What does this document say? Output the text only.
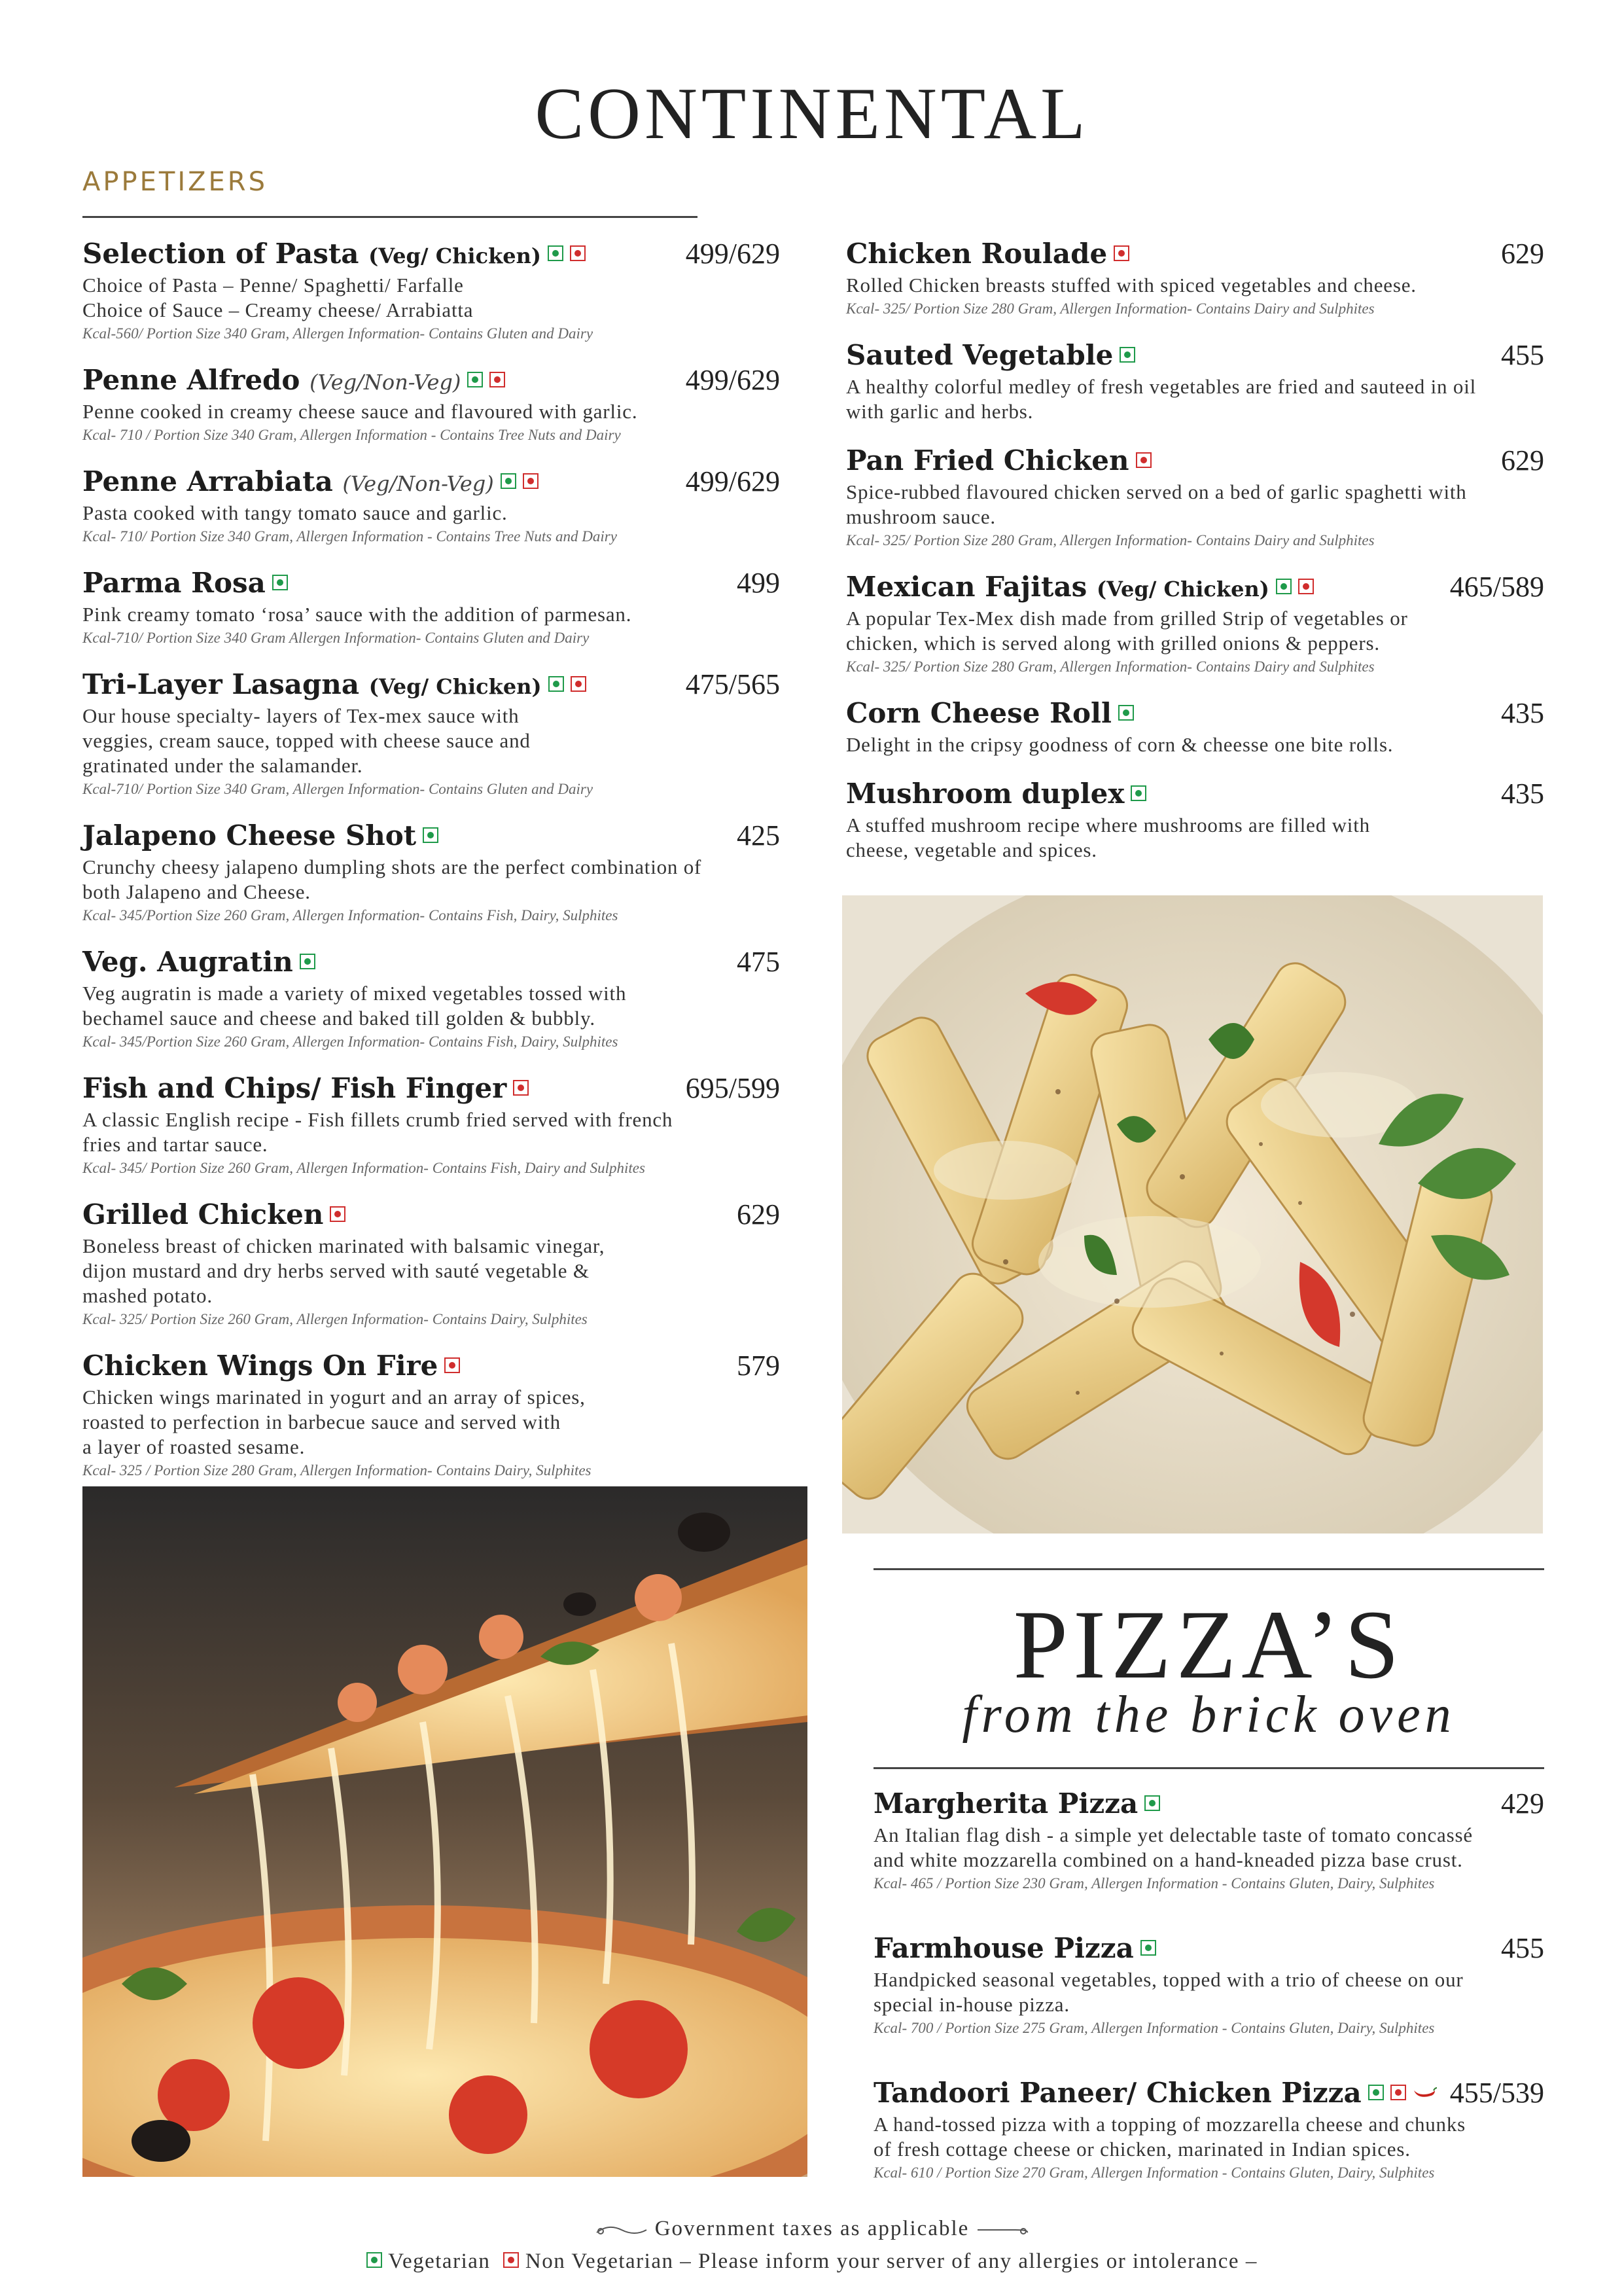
CONTINENTAL
APPETIZERS
Selection of Pasta (Veg/ Chicken)	499/629
Choice of Pasta – Penne/ Spaghetti/ Farfalle
Choice of Sauce – Creamy cheese/ Arrabiatta
Kcal-560/ Portion Size 340 Gram, Allergen Information- Contains Gluten and Dairy
Penne Alfredo (Veg/Non-Veg)	499/629
Penne cooked in creamy cheese sauce and flavoured with garlic.
Kcal- 710 / Portion Size 340 Gram, Allergen Information - Contains Tree Nuts and Dairy
Penne Arrabiata (Veg/Non-Veg)	499/629
Pasta cooked with tangy tomato sauce and garlic.
Kcal- 710/ Portion Size 340 Gram, Allergen Information - Contains Tree Nuts and Dairy
Parma Rosa	499
Pink creamy tomato ‘rosa’ sauce with the addition of parmesan.
Kcal-710/ Portion Size 340 Gram Allergen Information- Contains Gluten and Dairy
Tri-Layer Lasagna (Veg/ Chicken)	475/565
Our house specialty- layers of Tex-mex sauce with
veggies, cream sauce, topped with cheese sauce and
gratinated under the salamander.
Kcal-710/ Portion Size 340 Gram, Allergen Information- Contains Gluten and Dairy
Jalapeno Cheese Shot	425
Crunchy cheesy jalapeno dumpling shots are the perfect combination of
both Jalapeno and Cheese.
Kcal- 345/Portion Size 260 Gram, Allergen Information- Contains Fish, Dairy, Sulphites
Veg. Augratin	475
Veg augratin is made a variety of mixed vegetables tossed with
bechamel sauce and cheese and baked till golden & bubbly.
Kcal- 345/Portion Size 260 Gram, Allergen Information- Contains Fish, Dairy, Sulphites
Fish and Chips/ Fish Finger	695/599
A classic English recipe - Fish fillets crumb fried served with french
fries and tartar sauce.
Kcal- 345/ Portion Size 260 Gram, Allergen Information- Contains Fish, Dairy and Sulphites
Grilled Chicken	629
Boneless breast of chicken marinated with balsamic vinegar,
dijon mustard and dry herbs served with sauté vegetable &
mashed potato.
Kcal- 325/ Portion Size 260 Gram, Allergen Information- Contains Dairy, Sulphites
Chicken Wings On Fire	579
Chicken wings marinated in yogurt and an array of spices,
roasted to perfection in barbecue sauce and served with
a layer of roasted sesame.
Kcal- 325 / Portion Size 280 Gram, Allergen Information- Contains Dairy, Sulphites
Chicken Roulade	629
Rolled Chicken breasts stuffed with spiced vegetables and cheese.
Kcal- 325/ Portion Size 280 Gram, Allergen Information- Contains Dairy and Sulphites
Sauted Vegetable	455
A healthy colorful medley of fresh vegetables are fried and sauteed in oil
with garlic and herbs.
Pan Fried Chicken	629
Spice-rubbed flavoured chicken served on a bed of garlic spaghetti with
mushroom sauce.
Kcal- 325/ Portion Size 280 Gram, Allergen Information- Contains Dairy and Sulphites
Mexican Fajitas (Veg/ Chicken)	465/589
A popular Tex-Mex dish made from grilled Strip of vegetables or
chicken, which is served along with grilled onions & peppers.
Kcal- 325/ Portion Size 280 Gram, Allergen Information- Contains Dairy and Sulphites
Corn Cheese Roll	435
Delight in the cripsy goodness of corn & cheesse one bite rolls.
Mushroom duplex	435
A stuffed mushroom recipe where mushrooms are filled with
cheese, vegetable and spices.
PIZZA’S
from the brick oven
Margherita Pizza	429
An Italian flag dish - a simple yet delectable taste of tomato concassé
and white mozzarella combined on a hand-kneaded pizza base crust.
Kcal- 465 / Portion Size 230 Gram, Allergen Information - Contains Gluten, Dairy, Sulphites
Farmhouse Pizza	455
Handpicked seasonal vegetables, topped with a trio of cheese on our
special in-house pizza.
Kcal- 700 / Portion Size 275 Gram, Allergen Information - Contains Gluten, Dairy, Sulphites
Tandoori Paneer/ Chicken Pizza	455/539
A hand-tossed pizza with a topping of mozzarella cheese and chunks
of fresh cottage cheese or chicken, marinated in Indian spices.
Kcal- 610 / Portion Size 270 Gram, Allergen Information - Contains Gluten, Dairy, Sulphites
Government taxes as applicable
Vegetarian Non Vegetarian – Please inform your server of any allergies or intolerance –
